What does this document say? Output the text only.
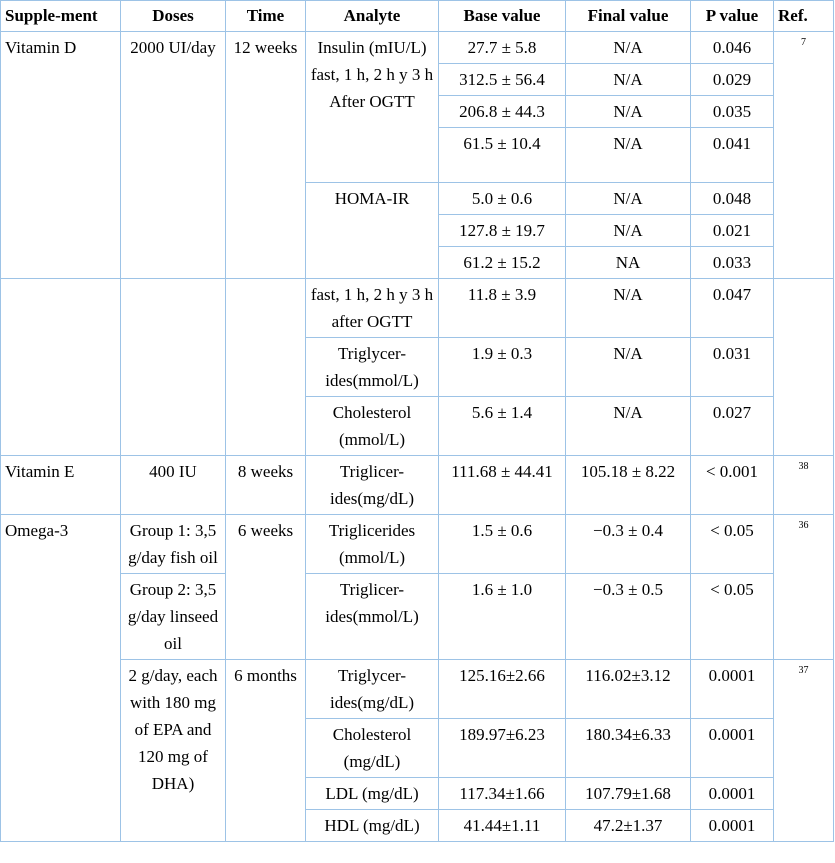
Supple-ment	Doses	Time	Analyte	Base value	Final value	P value	Ref.
Vitamin D	2000 UI/day	12 weeks	Insulin (mIU/L) fast, 1 h, 2 h y 3 h After OGTT	27.7 ± 5.8	N/A	0.046	7
				312.5 ± 56.4	N/A	0.029	
				206.8 ± 44.3	N/A	0.035	
				61.5 ± 10.4	N/A	0.041	
			HOMA-IR	5.0 ± 0.6	N/A	0.048	
				127.8 ± 19.7	N/A	0.021	
				61.2 ± 15.2	NA	0.033	
			fast, 1 h, 2 h y 3 h after OGTT	11.8 ± 3.9	N/A	0.047	
			Triglycer-ides(mmol/L)	1.9 ± 0.3	N/A	0.031	
			Cholesterol (mmol/L)	5.6 ± 1.4	N/A	0.027	
Vitamin E	400 IU	8 weeks	Triglicer-ides(mg/dL)	111.68 ± 44.41	105.18 ± 8.22	< 0.001	38
Omega-3	Group 1: 3,5 g/day fish oil	6 weeks	Triglicerides (mmol/L)	1.5 ± 0.6	−0.3 ± 0.4	< 0.05	36
	Group 2: 3,5 g/day linseed oil		Triglicer-ides(mmol/L)	1.6 ± 1.0	−0.3 ± 0.5	< 0.05	
	2 g/day, each with 180 mg of EPA and 120 mg of DHA)	6 months	Triglycer-ides(mg/dL)	125.16±2.66	116.02±3.12	0.0001	37
			Cholesterol (mg/dL)	189.97±6.23	180.34±6.33	0.0001	
			LDL (mg/dL)	117.34±1.66	107.79±1.68	0.0001	
			HDL (mg/dL)	41.44±1.11	47.2±1.37	0.0001	
